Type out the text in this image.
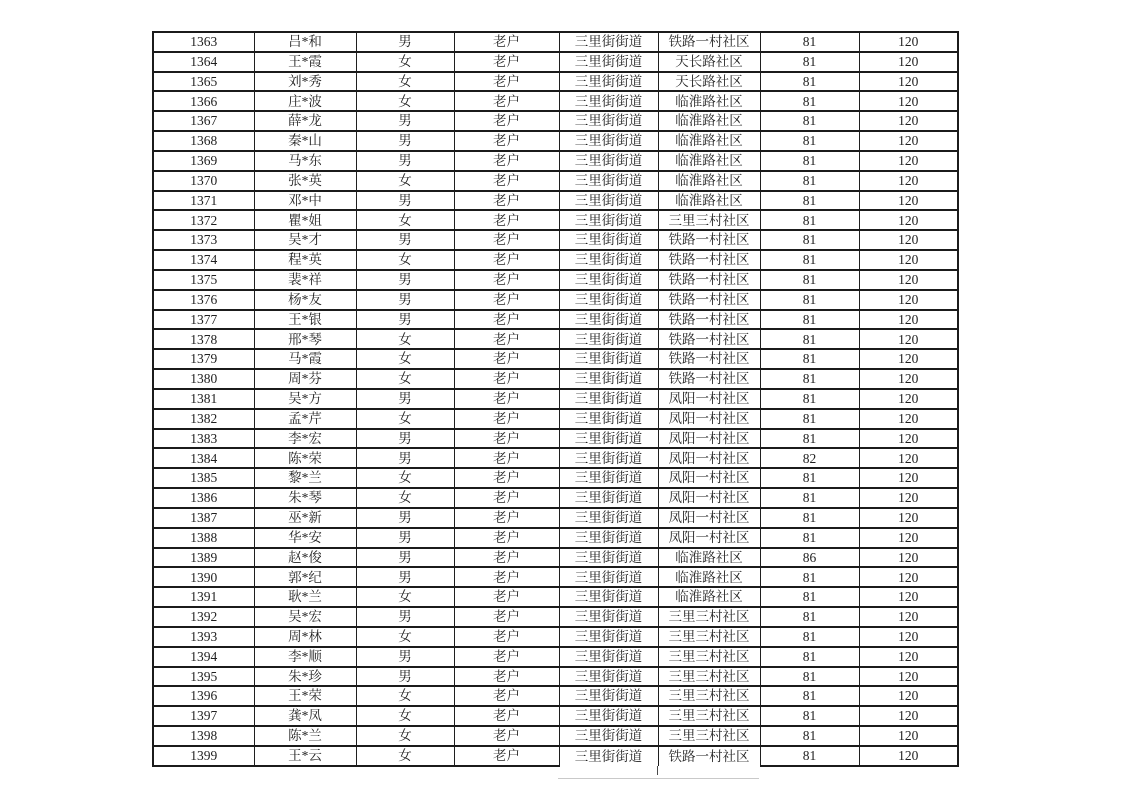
1363	吕*和	男	老户	三里街街道	铁路一村社区	81	120
1364	王*霞	女	老户	三里街街道	天长路社区	81	120
1365	刘*秀	女	老户	三里街街道	天长路社区	81	120
1366	庄*波	女	老户	三里街街道	临淮路社区	81	120
1367	薛*龙	男	老户	三里街街道	临淮路社区	81	120
1368	秦*山	男	老户	三里街街道	临淮路社区	81	120
1369	马*东	男	老户	三里街街道	临淮路社区	81	120
1370	张*英	女	老户	三里街街道	临淮路社区	81	120
1371	邓*中	男	老户	三里街街道	临淮路社区	81	120
1372	瞿*姐	女	老户	三里街街道	三里三村社区	81	120
1373	吴*才	男	老户	三里街街道	铁路一村社区	81	120
1374	程*英	女	老户	三里街街道	铁路一村社区	81	120
1375	裴*祥	男	老户	三里街街道	铁路一村社区	81	120
1376	杨*友	男	老户	三里街街道	铁路一村社区	81	120
1377	王*银	男	老户	三里街街道	铁路一村社区	81	120
1378	邢*琴	女	老户	三里街街道	铁路一村社区	81	120
1379	马*霞	女	老户	三里街街道	铁路一村社区	81	120
1380	周*芬	女	老户	三里街街道	铁路一村社区	81	120
1381	吴*方	男	老户	三里街街道	凤阳一村社区	81	120
1382	孟*芹	女	老户	三里街街道	凤阳一村社区	81	120
1383	李*宏	男	老户	三里街街道	凤阳一村社区	81	120
1384	陈*荣	男	老户	三里街街道	凤阳一村社区	82	120
1385	黎*兰	女	老户	三里街街道	凤阳一村社区	81	120
1386	朱*琴	女	老户	三里街街道	凤阳一村社区	81	120
1387	巫*新	男	老户	三里街街道	凤阳一村社区	81	120
1388	华*安	男	老户	三里街街道	凤阳一村社区	81	120
1389	赵*俊	男	老户	三里街街道	临淮路社区	86	120
1390	郭*纪	男	老户	三里街街道	临淮路社区	81	120
1391	耿*兰	女	老户	三里街街道	临淮路社区	81	120
1392	吴*宏	男	老户	三里街街道	三里三村社区	81	120
1393	周*林	女	老户	三里街街道	三里三村社区	81	120
1394	李*顺	男	老户	三里街街道	三里三村社区	81	120
1395	朱*珍	男	老户	三里街街道	三里三村社区	81	120
1396	王*荣	女	老户	三里街街道	三里三村社区	81	120
1397	龚*凤	女	老户	三里街街道	三里三村社区	81	120
1398	陈*兰	女	老户	三里街街道	三里三村社区	81	120
1399	王*云	女	老户	三里街街道	铁路一村社区	81	120
